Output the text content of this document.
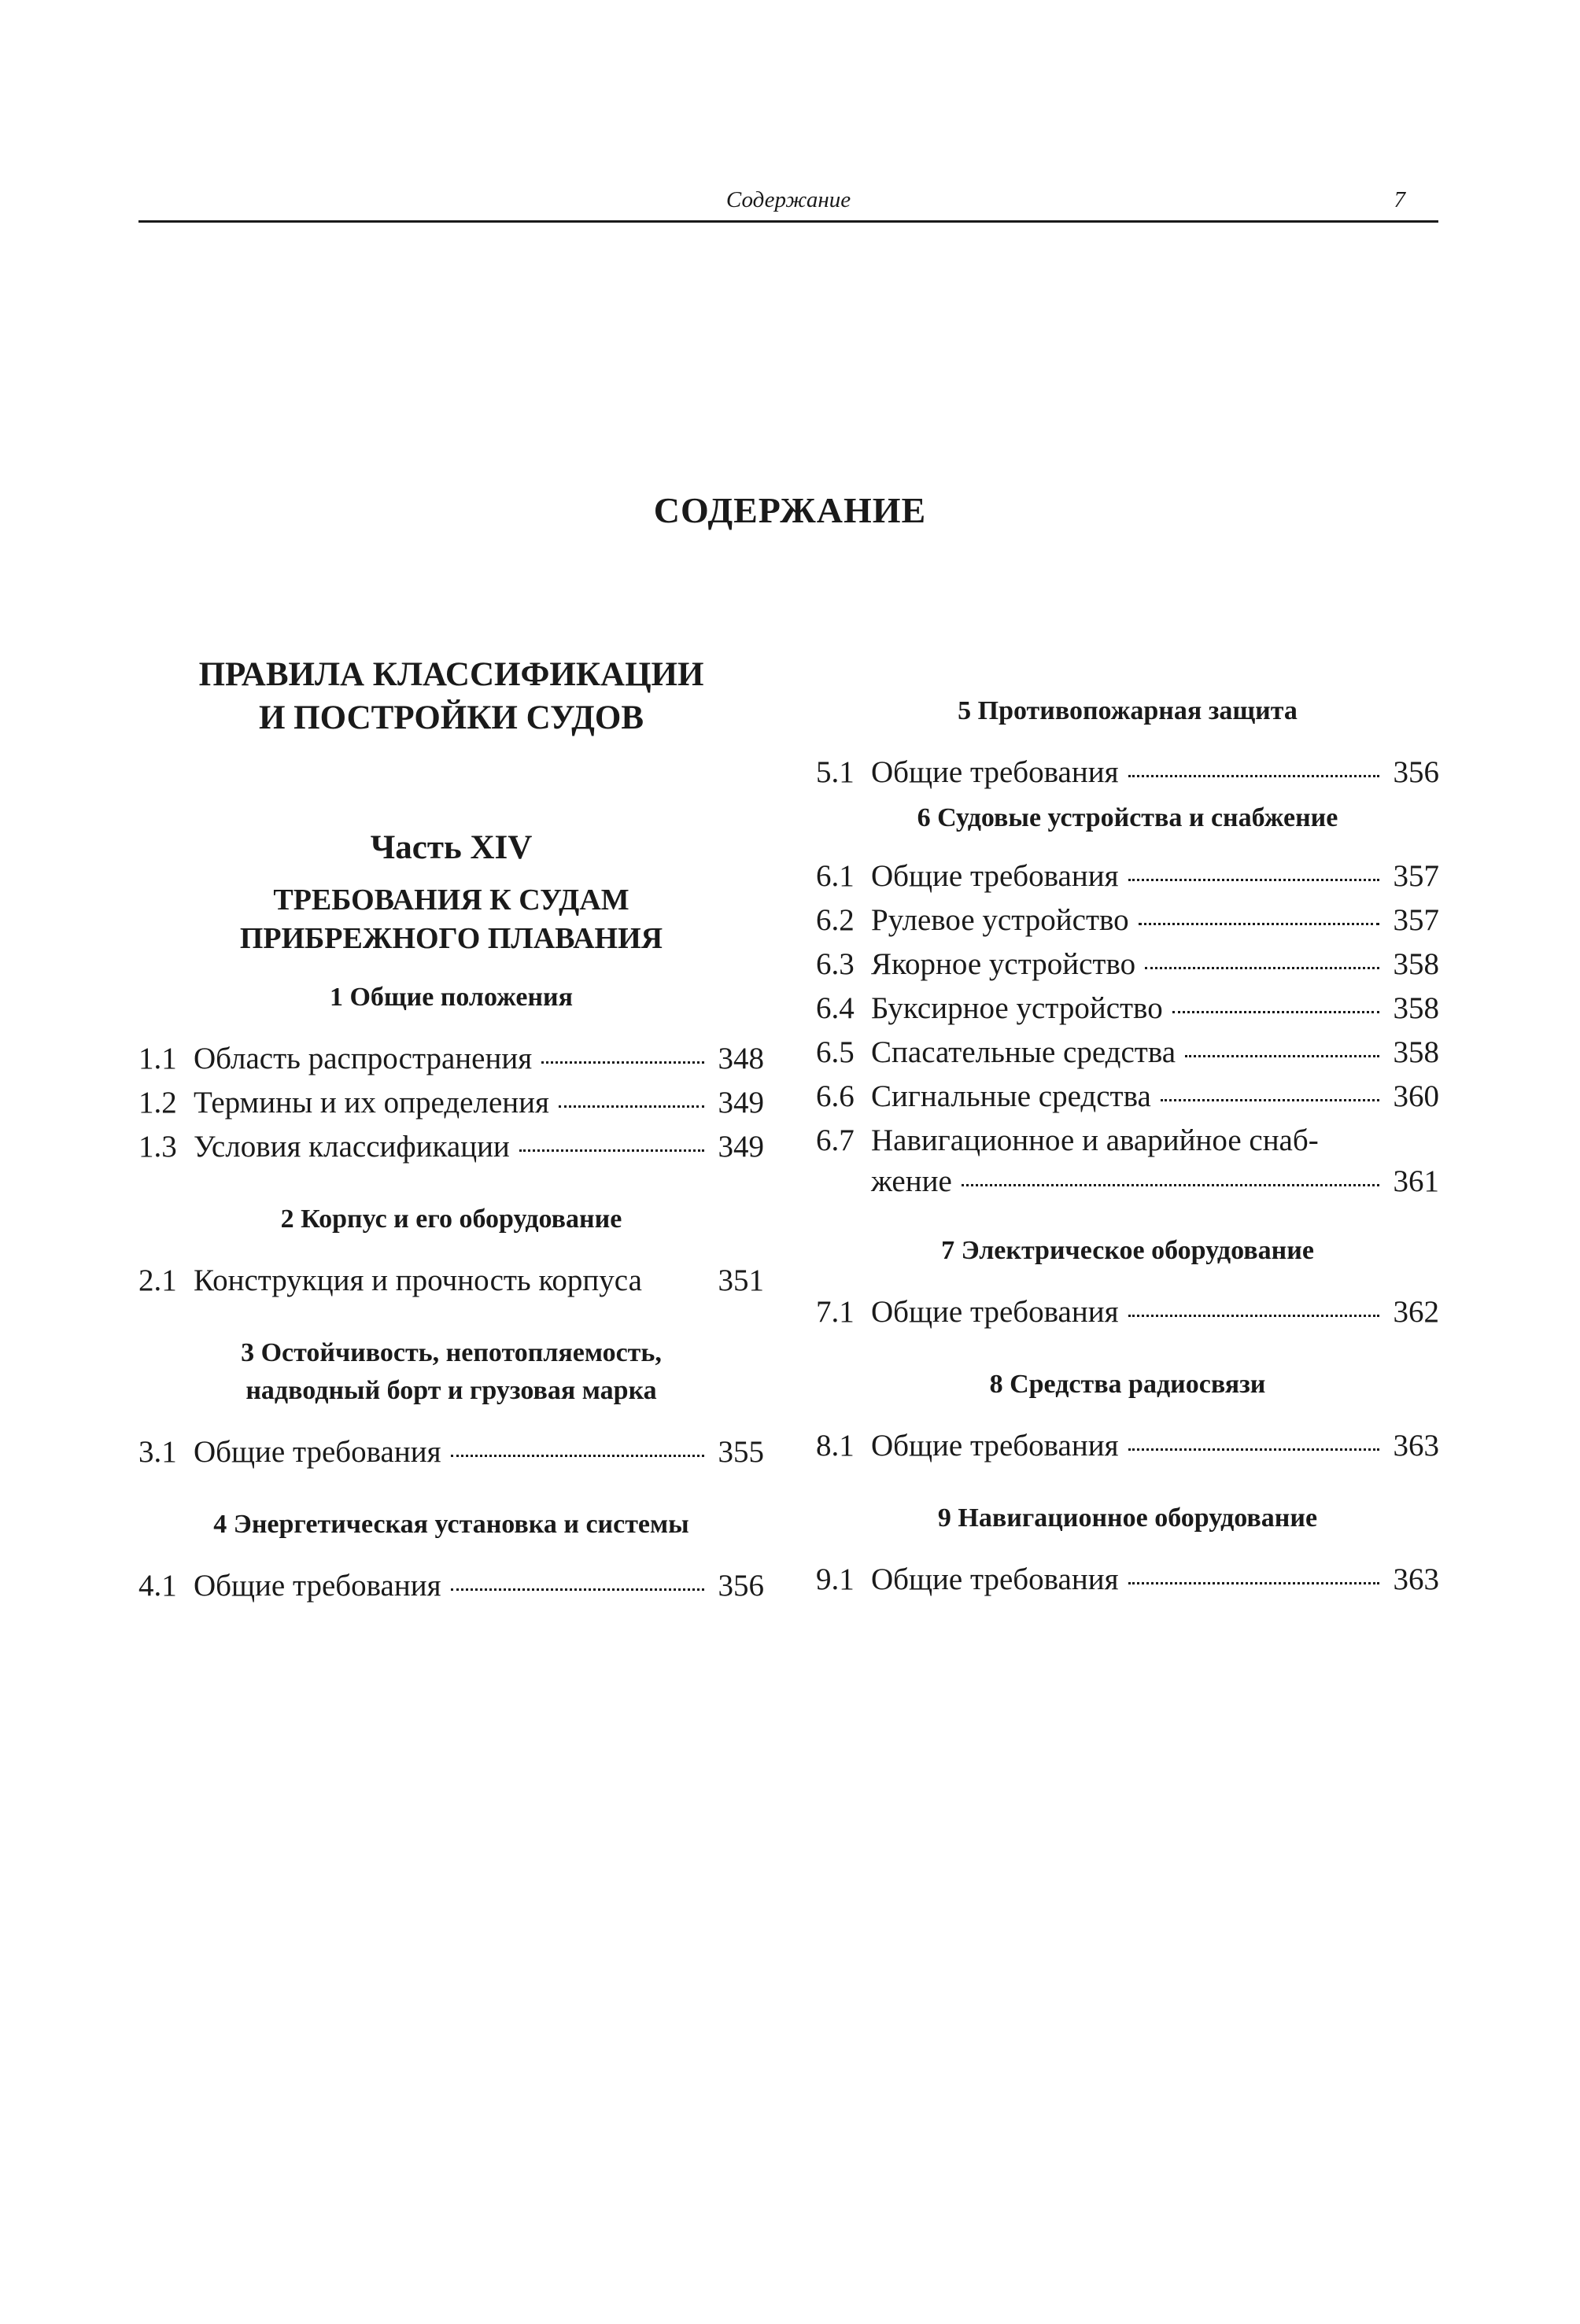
Содержание	7
СОДЕРЖАНИЕ
ПРАВИЛА КЛАССИФИКАЦИИ
И ПОСТРОЙКИ СУДОВ
Часть XIV
ТРЕБОВАНИЯ К СУДАМ
ПРИБРЕЖНОГО ПЛАВАНИЯ
1 Общие положения
1.1 Область распространения	348
1.2 Термины и их определения	349
1.3 Условия классификации	349
2 Корпус и его оборудование
2.1 Конструкция и прочность корпуса 351
3 Остойчивость, непотопляемость,
надводный борт и грузовая марка
3.1 Общие требования	355
4 Энергетическая установка и системы
4.1 Общие требования	356
5 Противопожарная защита
5.1 Общие требования	356
6 Судовые устройства и снабжение
6.1 Общие требования	357
6.2 Рулевое устройство	357
6.3 Якорное устройство	358
6.4 Буксирное устройство	358
6.5 Спасательные средства	358
6.6 Сигнальные средства	360
6.7 Навигационное и аварийное снаб-
жение	361
7 Электрическое оборудование
7.1 Общие требования	362
8 Средства радиосвязи
8.1 Общие требования	363
9 Навигационное оборудование
9.1 Общие требования	363
